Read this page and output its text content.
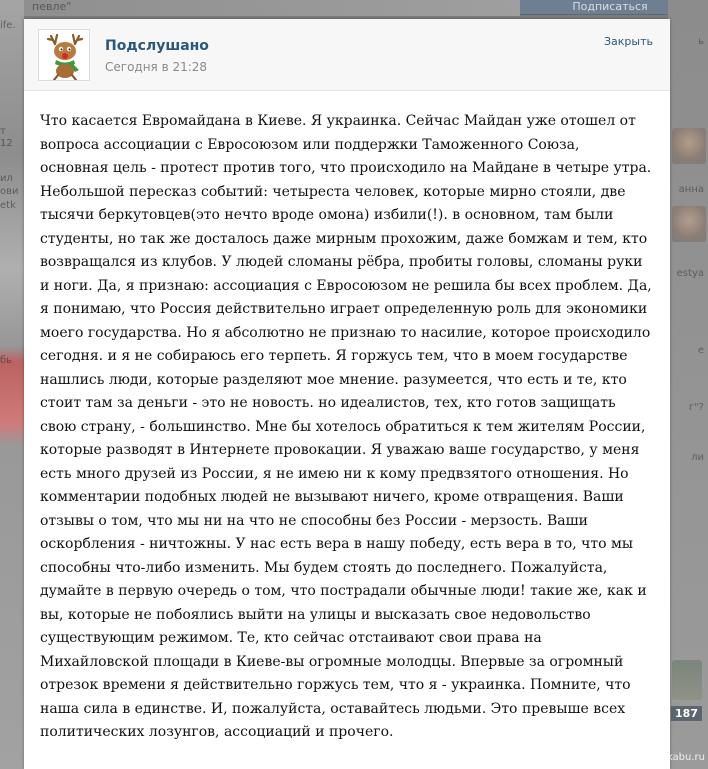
певле"	Подписаться
ife.
т
12
ил
ови
etk
бь
ь
анна
estya
е
г"?
ли
187
Подслушано
Сегодня в 21:28
Закрыть
Что касается Евромайдана в Киеве. Я украинка. Сейчас Майдан уже отошел от вопроса ассоциации с Евросоюзом или поддержки Таможенного Союза, основная цель - протест против того, что происходило на Майдане в четыре утра. Небольшой пересказ событий: четыреста человек, которые мирно стояли, две тысячи беркутовцев(это нечто вроде омона) избили(!). в основном, там были студенты, но так же досталось даже мирным прохожим, даже бомжам и тем, кто возвращался из клубов. У людей сломаны рёбра, пробиты головы, сломаны руки и ноги. Да, я признаю: ассоциация с Евросоюзом не решила бы всех проблем. Да, я понимаю, что Россия действительно играет определенную роль для экономики моего государства. Но я абсолютно не признаю то насилие, которое происходило сегодня. и я не собираюсь его терпеть. Я горжусь тем, что в моем государстве нашлись люди, которые разделяют мое мнение. разумеется, что есть и те, кто стоит там за деньги - это не новость. но идеалистов, тех, кто готов защищать свою страну, - большинство. Мне бы хотелось обратиться к тем жителям России, которые разводят в Интернете провокации. Я уважаю ваше государство, у меня есть много друзей из России, я не имею ни к кому предвзятого отношения. Но комментарии подобных людей не вызывают ничего, кроме отвращения. Ваши отзывы о том, что мы ни на что не способны без России - мерзость. Ваши оскорбления - ничтожны. У нас есть вера в нашу победу, есть вера в то, что мы способны что-либо изменить. Мы будем стоять до последнего. Пожалуйста, думайте в первую очередь о том, что пострадали обычные люди! такие же, как и вы, которые не побоялись выйти на улицы и высказать свое недовольство существующим режимом. Те, кто сейчас отстаивают свои права на Михайловской площади в Киеве-вы огромные молодцы. Впервые за огромный отрезок времени я действительно горжусь тем, что я - украинка. Помните, что наша сила в единстве. И, пожалуйста, оставайтесь людьми. Это превыше всех политических лозунгов, ассоциаций и прочего.
pikabu.ru
